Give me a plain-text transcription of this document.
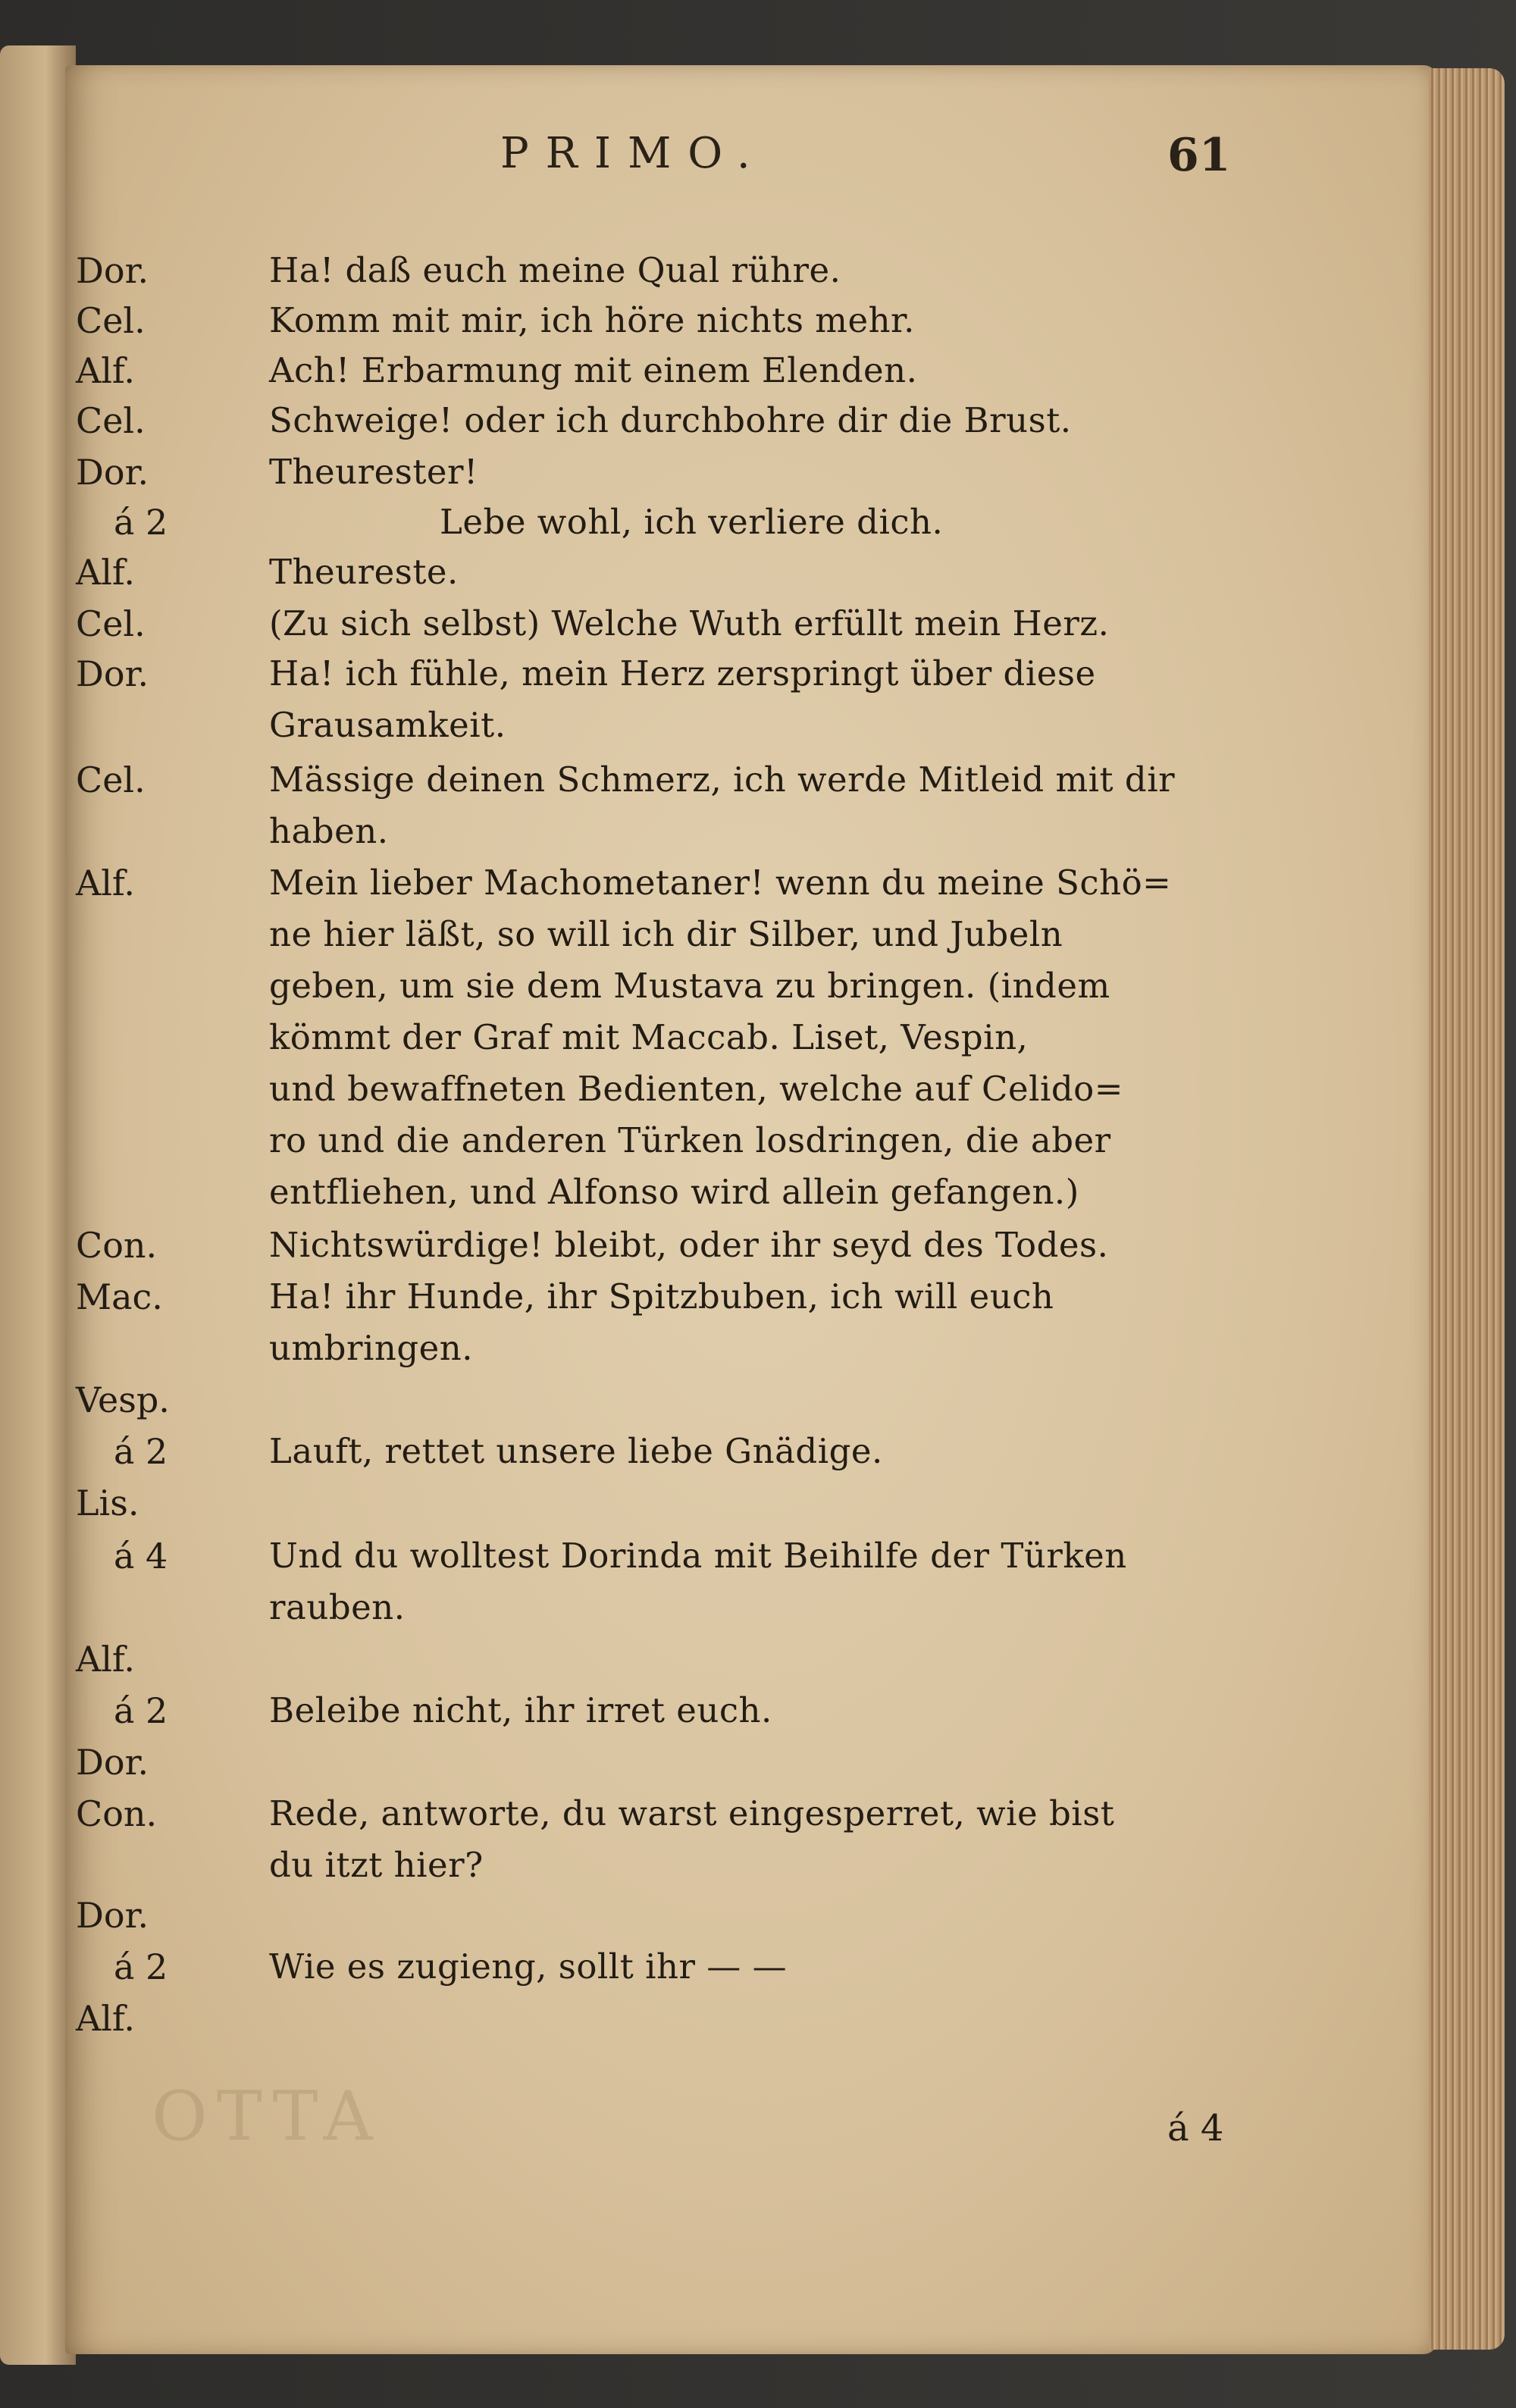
OTTA
PRIMO.	61
Dor.
Cel.
Alf.
Cel.
Dor.
á 2
Alf.
Cel.
Dor.
Cel.
Alf.
Con.
Mac.
Vesp.
á 2
Lis.
á 4
Alf.
á 2
Dor.
Con.
Dor.
á 2
Alf.
Ha! daß euch meine Qual rühre.
Komm mit mir, ich höre nichts mehr.
Ach! Erbarmung mit einem Elenden.
Schweige! oder ich durchbohre dir die Brust.
Theurester!
Lebe wohl, ich verliere dich.
Theureste.
(Zu sich selbst) Welche Wuth erfüllt mein Herz.
Ha! ich fühle, mein Herz zerspringt über diese
Grausamkeit.
Mässige deinen Schmerz, ich werde Mitleid mit dir
haben.
Mein lieber Machometaner! wenn du meine Schö=
ne hier läßt, so will ich dir Silber, und Jubeln
geben, um sie dem Mustava zu bringen. (indem
kömmt der Graf mit Maccab. Liset, Vespin,
und bewaffneten Bedienten, welche auf Celido=
ro und die anderen Türken losdringen, die aber
entfliehen, und Alfonso wird allein gefangen.)
Nichtswürdige! bleibt, oder ihr seyd des Todes.
Ha! ihr Hunde, ihr Spitzbuben, ich will euch
umbringen.
Lauft, rettet unsere liebe Gnädige.
Und du wolltest Dorinda mit Beihilfe der Türken
rauben.
Beleibe nicht, ihr irret euch.
Rede, antworte, du warst eingesperret, wie bist
du itzt hier?
Wie es zugieng, sollt ihr — —
á 4
